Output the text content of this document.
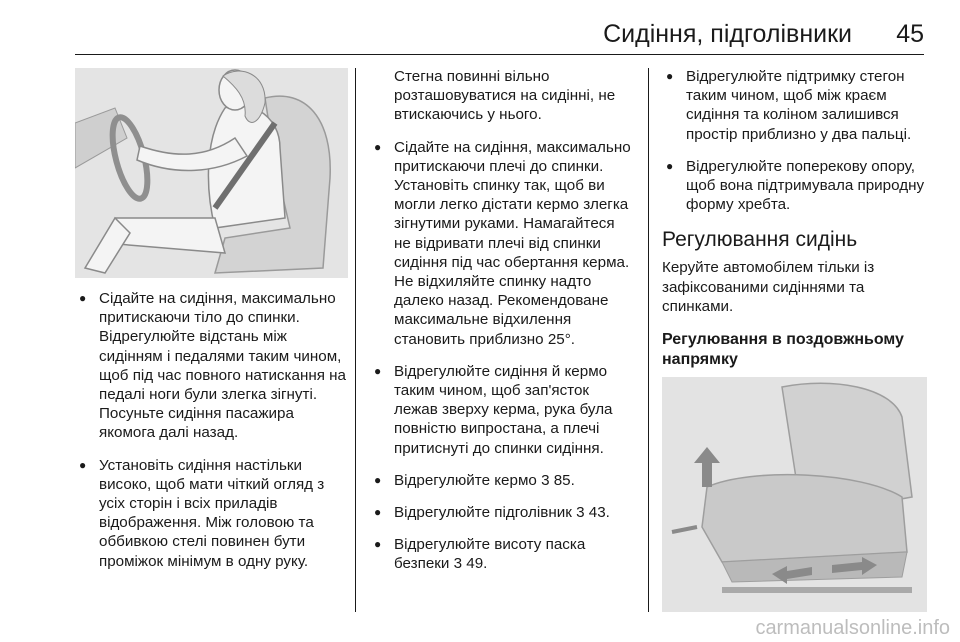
Сидіння, підголівники 45
● Сідайте на сидіння, максимально притискаючи тіло до спинки. Відрегулюйте відстань між сидінням і педалями таким чином, щоб під час повного натискання на педалі ноги були злегка зігнуті. Посуньте сидіння пасажира якомога далі назад.
● Установіть сидіння настільки високо, щоб мати чіткий огляд з усіх сторін і всіх приладів відображення. Між головою та оббивкою стелі повинен бути проміжок мінімум в одну руку.

Стегна повинні вільно розташовуватися на сидінні, не втискаючись у нього.

● Сідайте на сидіння, максимально притискаючи плечі до спинки. Установіть спинку так, щоб ви могли легко дістати кермо злегка зігнутими руками. Намагайтеся не відривати плечі від спинки сидіння під час обертання керма. Не відхиляйте спинку надто далеко назад. Рекомендоване максимальне відхилення становить приблизно 25°.
● Відрегулюйте сидіння й кермо таким чином, щоб зап'ясток лежав зверху керма, рука була повністю випростана, а плечі притиснуті до спинки сидіння.
● Відрегулюйте кермо 3 85.
● Відрегулюйте підголівник 3 43.
● Відрегулюйте висоту паска безпеки 3 49.
● Відрегулюйте підтримку стегон таким чином, щоб між краєм сидіння та коліном залишився простір приблизно у два пальці.
● Відрегулюйте поперекову опору, щоб вона підтримувала природну форму хребта.
Регулювання сидінь

Керуйте автомобілем тільки із зафіксованими сидіннями та спинками.

Регулювання в поздовжньому напрямку
carmanualsonline.info
